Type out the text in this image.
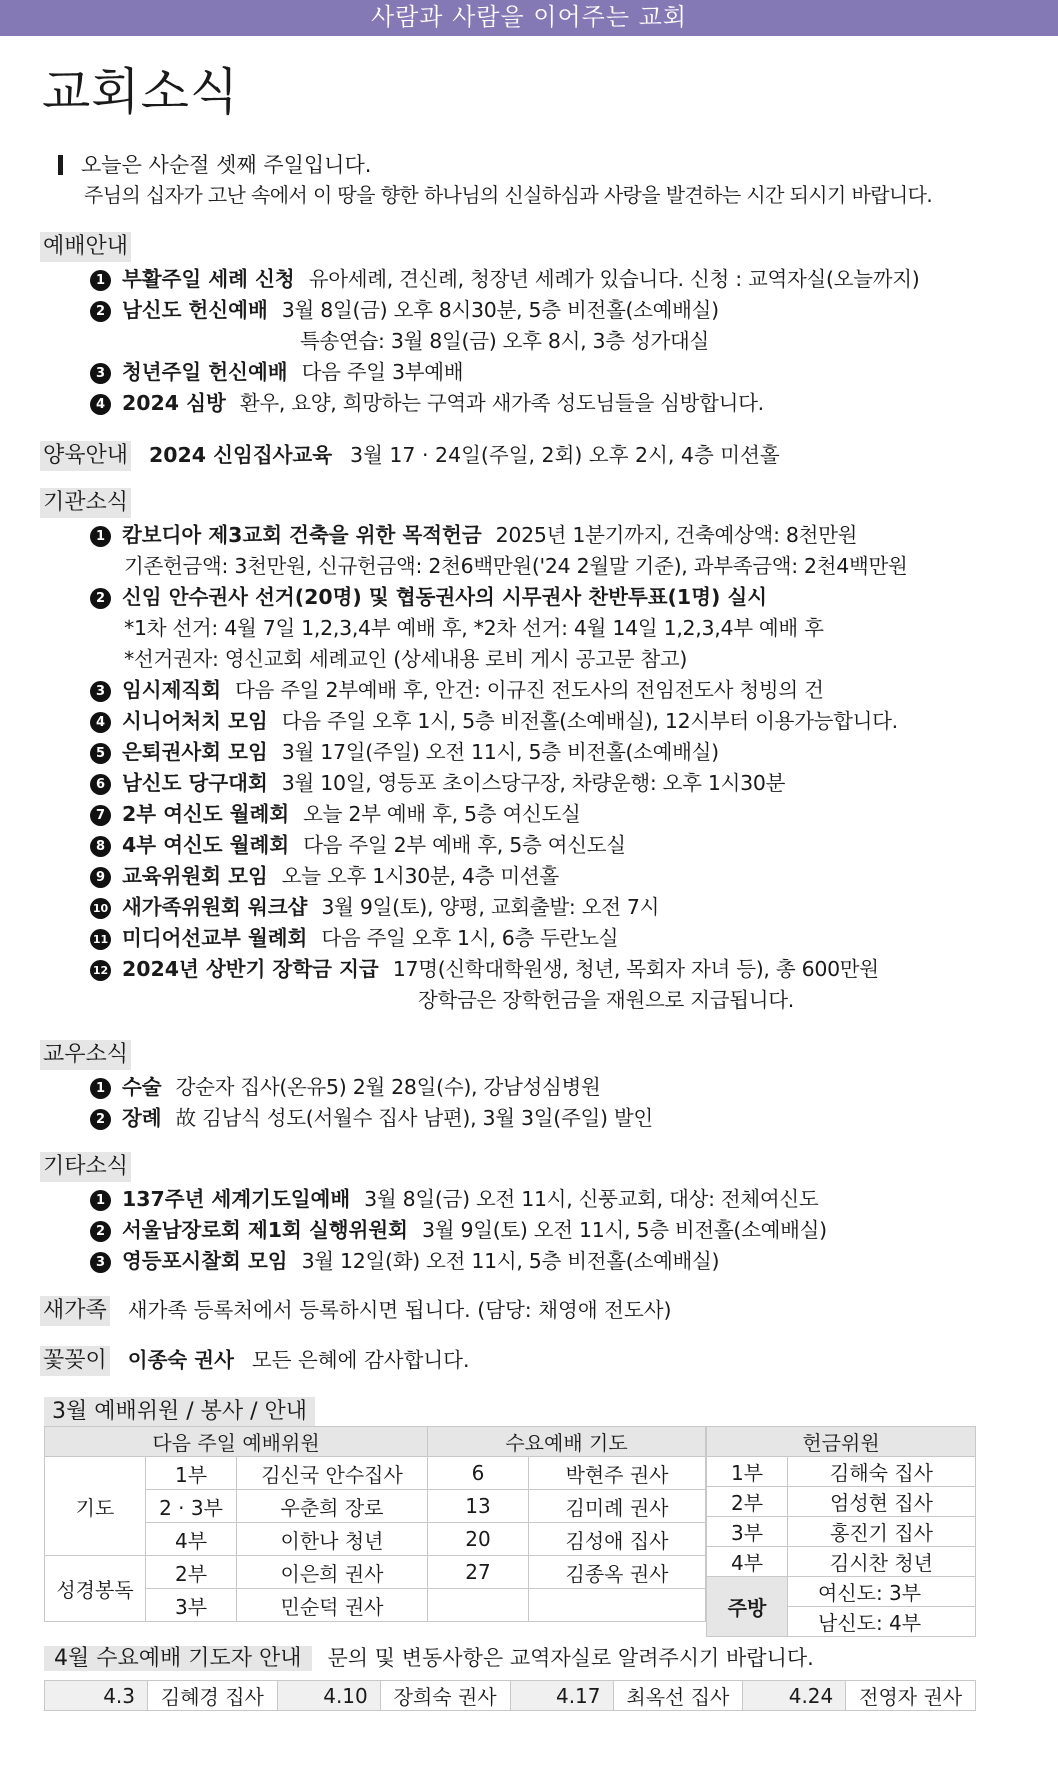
사람과 사람을 이어주는 교회
교회소식
오늘은 사순절 셋째 주일입니다.
주님의 십자가 고난 속에서 이 땅을 향한 하나님의 신실하심과 사랑을 발견하는 시간 되시기 바랍니다.
예배안내
1 부활주일 세례 신청 유아세례, 견신례, 청장년 세례가 있습니다. 신청 : 교역자실(오늘까지)
2 남신도 헌신예배 3월 8일(금) 오후 8시30분, 5층 비전홀(소예배실)
특송연습: 3월 8일(금) 오후 8시, 3층 성가대실
3 청년주일 헌신예배 다음 주일 3부예배
4 2024 심방 환우, 요양, 희망하는 구역과 새가족 성도님들을 심방합니다.
양육안내 2024 신임집사교육 3월 17 · 24일(주일, 2회) 오후 2시, 4층 미션홀
기관소식
1 캄보디아 제3교회 건축을 위한 목적헌금 2025년 1분기까지, 건축예상액: 8천만원
기존헌금액: 3천만원, 신규헌금액: 2천6백만원('24 2월말 기준), 과부족금액: 2천4백만원
2 신임 안수권사 선거(20명) 및 협동권사의 시무권사 찬반투표(1명) 실시
*1차 선거: 4월 7일 1,2,3,4부 예배 후, *2차 선거: 4월 14일 1,2,3,4부 예배 후
*선거권자: 영신교회 세례교인 (상세내용 로비 게시 공고문 참고)
3 임시제직회 다음 주일 2부예배 후, 안건: 이규진 전도사의 전임전도사 청빙의 건
4 시니어처치 모임 다음 주일 오후 1시, 5층 비전홀(소예배실), 12시부터 이용가능합니다.
5 은퇴권사회 모임 3월 17일(주일) 오전 11시, 5층 비전홀(소예배실)
6 남신도 당구대회 3월 10일, 영등포 초이스당구장, 차량운행: 오후 1시30분
7 2부 여신도 월례회 오늘 2부 예배 후, 5층 여신도실
8 4부 여신도 월례회 다음 주일 2부 예배 후, 5층 여신도실
9 교육위원회 모임 오늘 오후 1시30분, 4층 미션홀
10 새가족위원회 워크샵 3월 9일(토), 양평, 교회출발: 오전 7시
11 미디어선교부 월례회 다음 주일 오후 1시, 6층 두란노실
12 2024년 상반기 장학금 지급 17명(신학대학원생, 청년, 목회자 자녀 등), 총 600만원
장학금은 장학헌금을 재원으로 지급됩니다.
교우소식
1 수술 강순자 집사(온유5) 2월 28일(수), 강남성심병원
2 장례 故 김남식 성도(서월수 집사 남편), 3월 3일(주일) 발인
기타소식
1 137주년 세계기도일예배 3월 8일(금) 오전 11시, 신풍교회, 대상: 전체여신도
2 서울남장로회 제1회 실행위원회 3월 9일(토) 오전 11시, 5층 비전홀(소예배실)
3 영등포시찰회 모임 3월 12일(화) 오전 11시, 5층 비전홀(소예배실)
새가족 새가족 등록처에서 등록하시면 됩니다. (담당: 채영애 전도사)
꽃꽂이 이종숙 권사 모든 은혜에 감사합니다.
3월 예배위원 / 봉사 / 안내
다음 주일 예배위원			수요예배 기도	
기도	1부	김신국 안수집사	6	박현주 권사
	2 · 3부	우춘희 장로	13	김미례 권사
	4부	이한나 청년	20	김성애 집사
성경봉독	2부	이은희 권사	27	김종옥 권사
	3부	민순덕 권사		
헌금위원	
1부	김해숙 집사
2부	엄성현 집사
3부	홍진기 집사
4부	김시찬 청년
주방	여신도: 3부
	남신도: 4부
4월 수요예배 기도자 안내 문의 및 변동사항은 교역자실로 알려주시기 바랍니다.
4.3	김혜경 집사	4.10	장희숙 권사	4.17	최옥선 집사	4.24	전영자 권사
